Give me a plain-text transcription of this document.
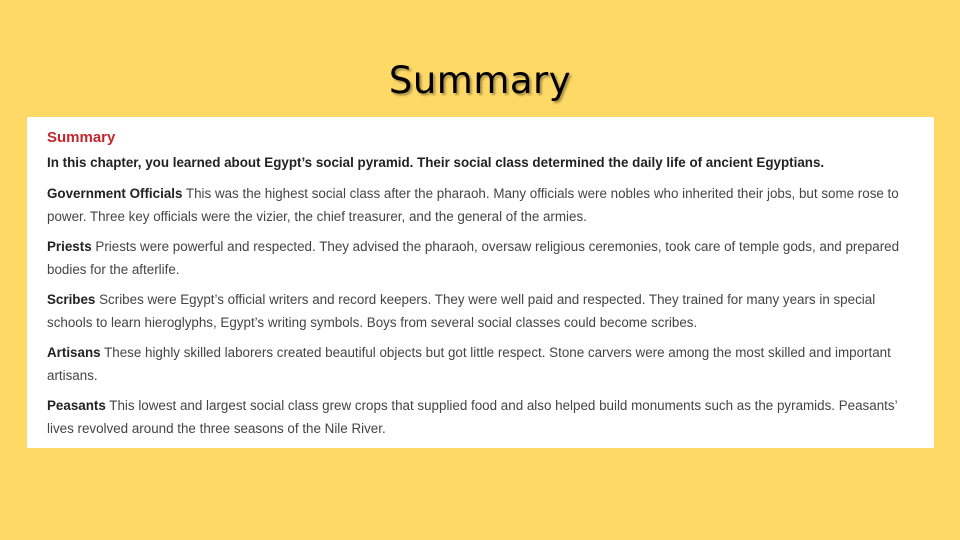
Summary
Summary
In this chapter, you learned about Egypt’s social pyramid. Their social class determined the daily life of ancient Egyptians.
Government Officials This was the highest social class after the pharaoh. Many officials were nobles who inherited their jobs, but some rose to power. Three key officials were the vizier, the chief treasurer, and the general of the armies.
Priests Priests were powerful and respected. They advised the pharaoh, oversaw religious ceremonies, took care of temple gods, and prepared bodies for the afterlife.
Scribes Scribes were Egypt’s official writers and record keepers. They were well paid and respected. They trained for many years in special schools to learn hieroglyphs, Egypt’s writing symbols. Boys from several social classes could become scribes.
Artisans These highly skilled laborers created beautiful objects but got little respect. Stone carvers were among the most skilled and important artisans.
Peasants This lowest and largest social class grew crops that supplied food and also helped build monuments such as the pyramids. Peasants’ lives revolved around the three seasons of the Nile River.
